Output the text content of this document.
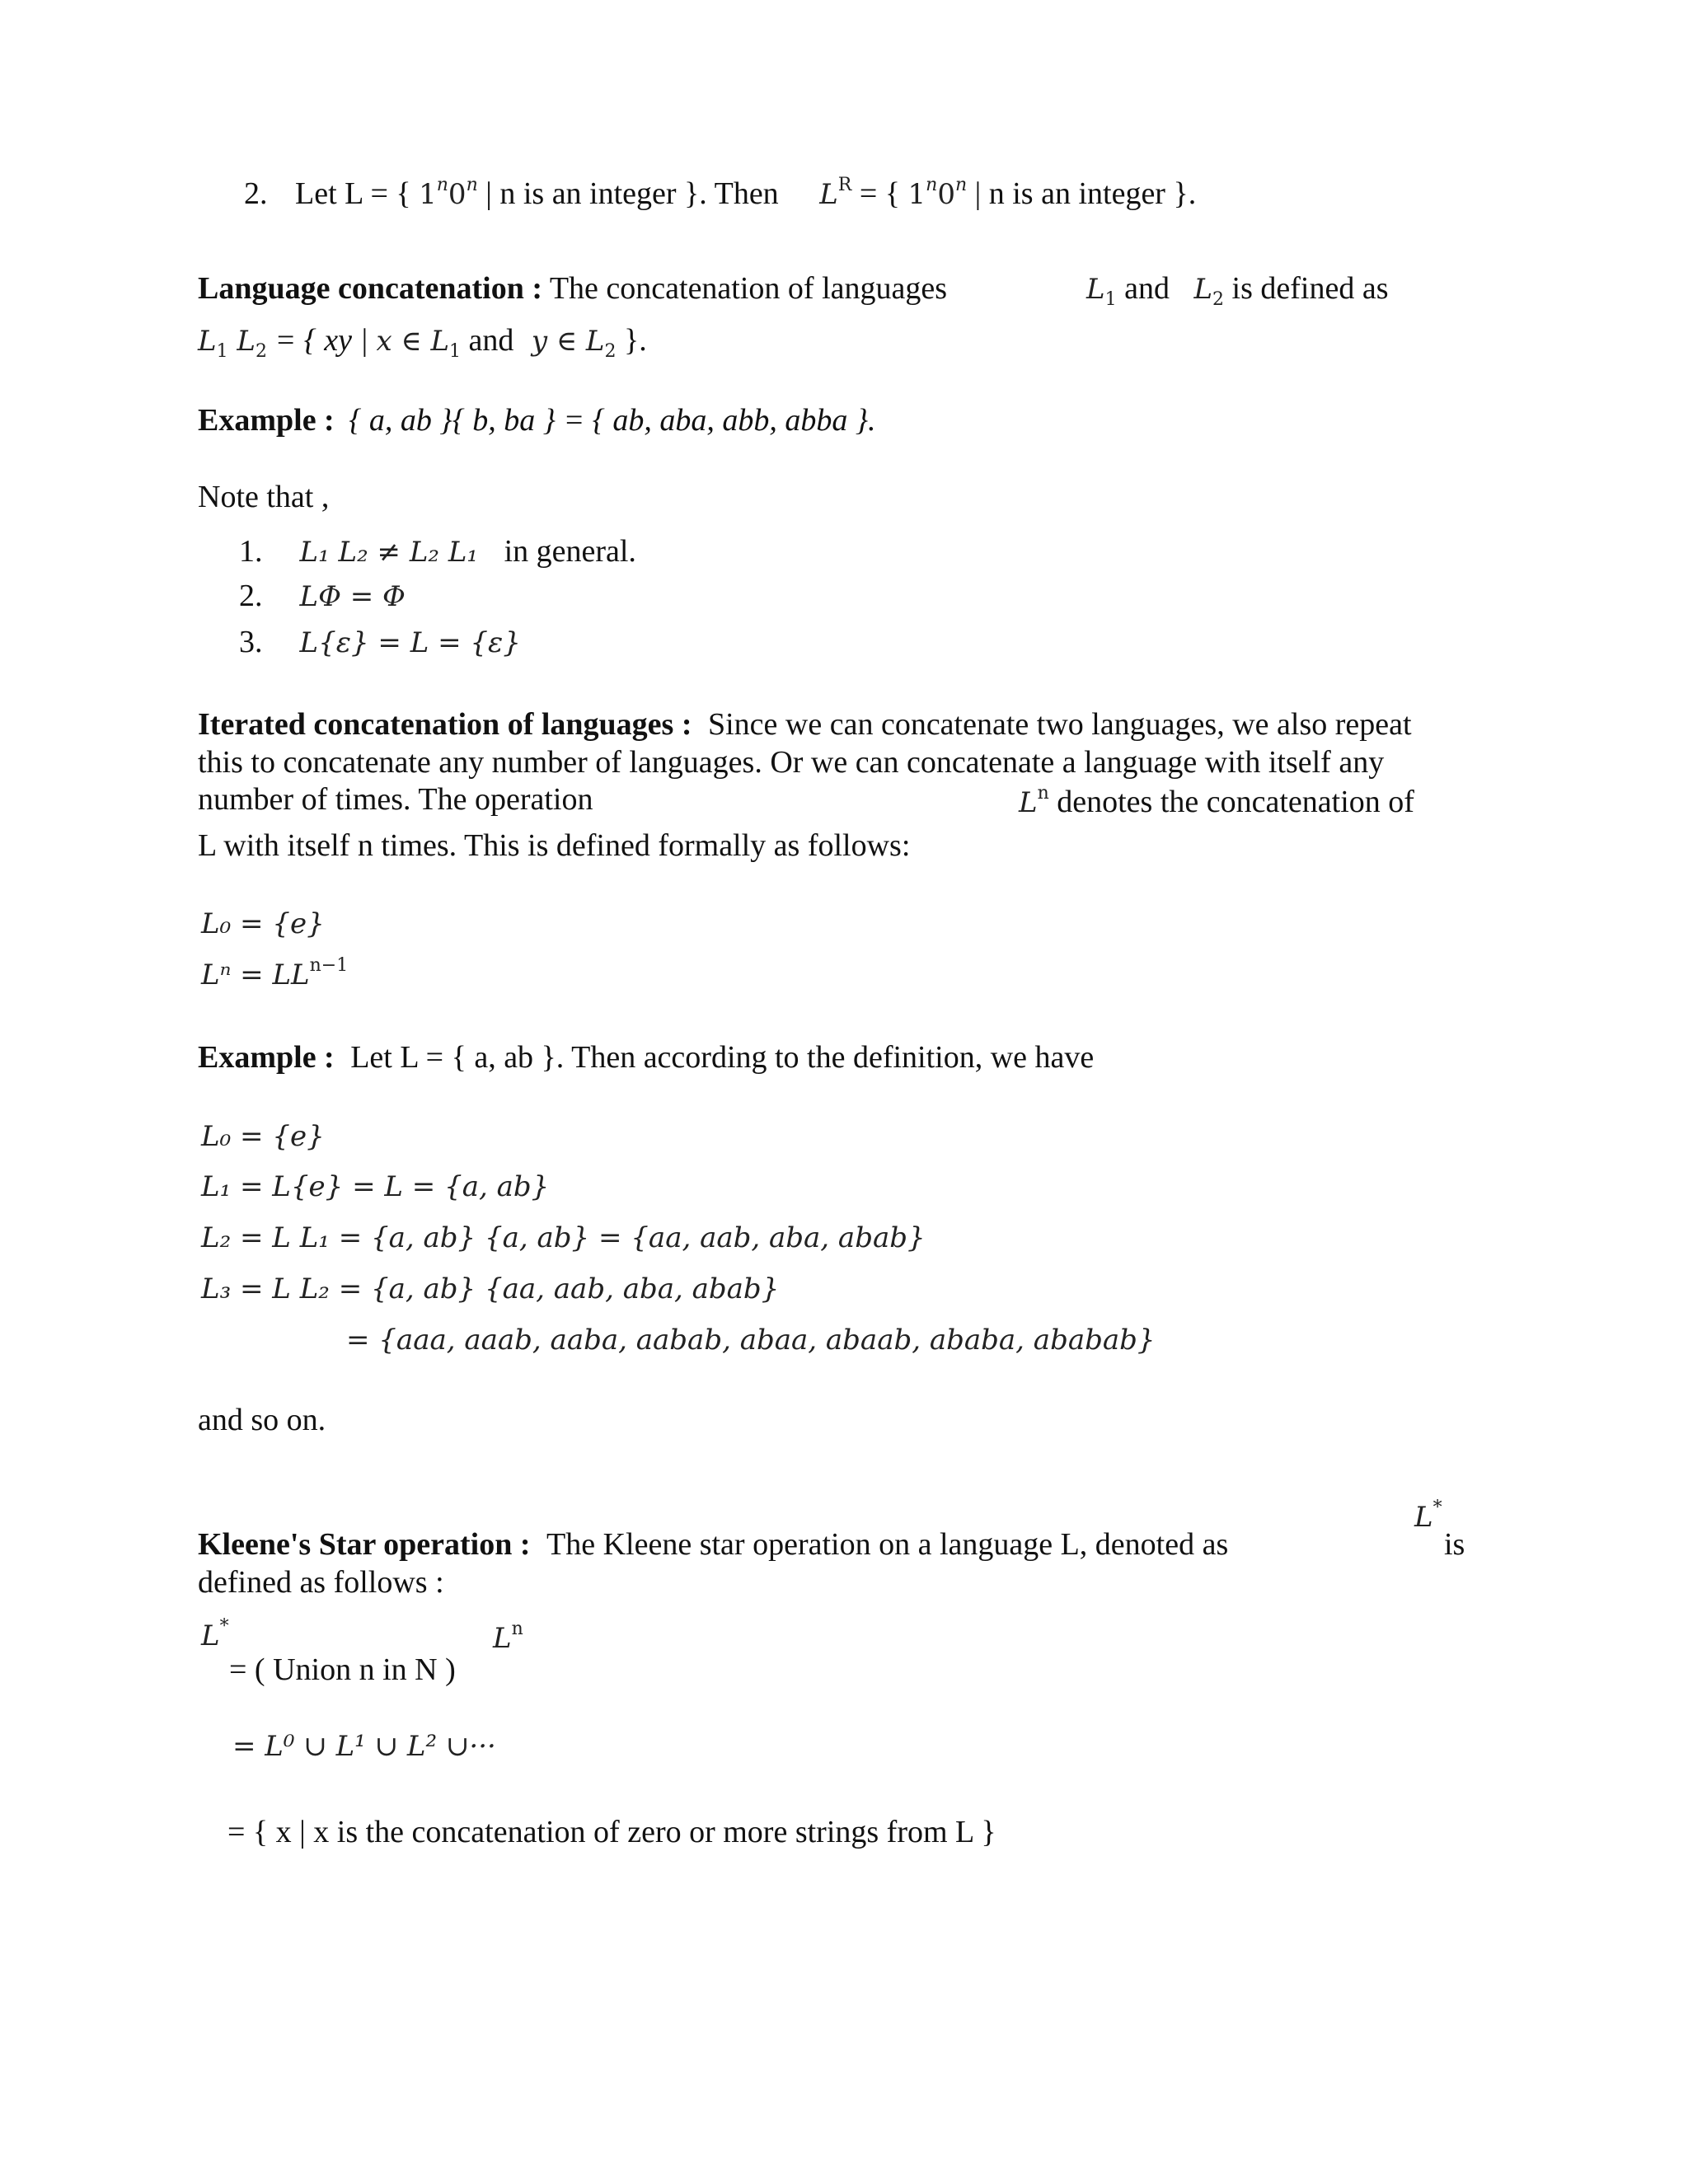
2. Let L = { 1$^n$0$^n$ | n is an integer }. Then $L^R$ = { 1$^n$0$^n$ | n is an integer }.
Language concatenation : The concatenation of languages	$L_1$ and $L_2$ is defined as
$L_1$ $L_2$ = { xy | x ∈ $L_1$ and y ∈ $L_2$ }.
Example : { a, ab }{ b, ba } = { ab, aba, abb, abba }.
Note that ,
1. L₁ L₂ ≠ L₂ L₁ in general.
2. LΦ = Φ
3. L{ε} = L = {ε}
Iterated concatenation of languages : Since we can concatenate two languages, we also repeat
this to concatenate any number of languages. Or we can concatenate a language with itself any
number of times. The operation	$L^n$ denotes the concatenation of
L with itself n times. This is defined formally as follows:
L₀ = {e}
$L^n = LL^{n-1}$
Example : Let L = { a, ab }. Then according to the definition, we have
L₀ = {e}
L₁ = L{e} = L = {a, ab}
L₂ = L L₁ = {a, ab} {a, ab} = {aa, aab, aba, abab}
L₃ = L L₂ = {a, ab} {aa, aab, aba, abab}
= {aaa, aaab, aaba, aabab, abaa, abaab, ababa, ababab}
and so on.
Kleene's Star operation : The Kleene star operation on a language L, denoted as
L*
is
defined as follows :
L*
= ( Union n in N )
$L^n$
= L⁰ ∪ L¹ ∪ L² ∪···
= { x | x is the concatenation of zero or more strings from L }
